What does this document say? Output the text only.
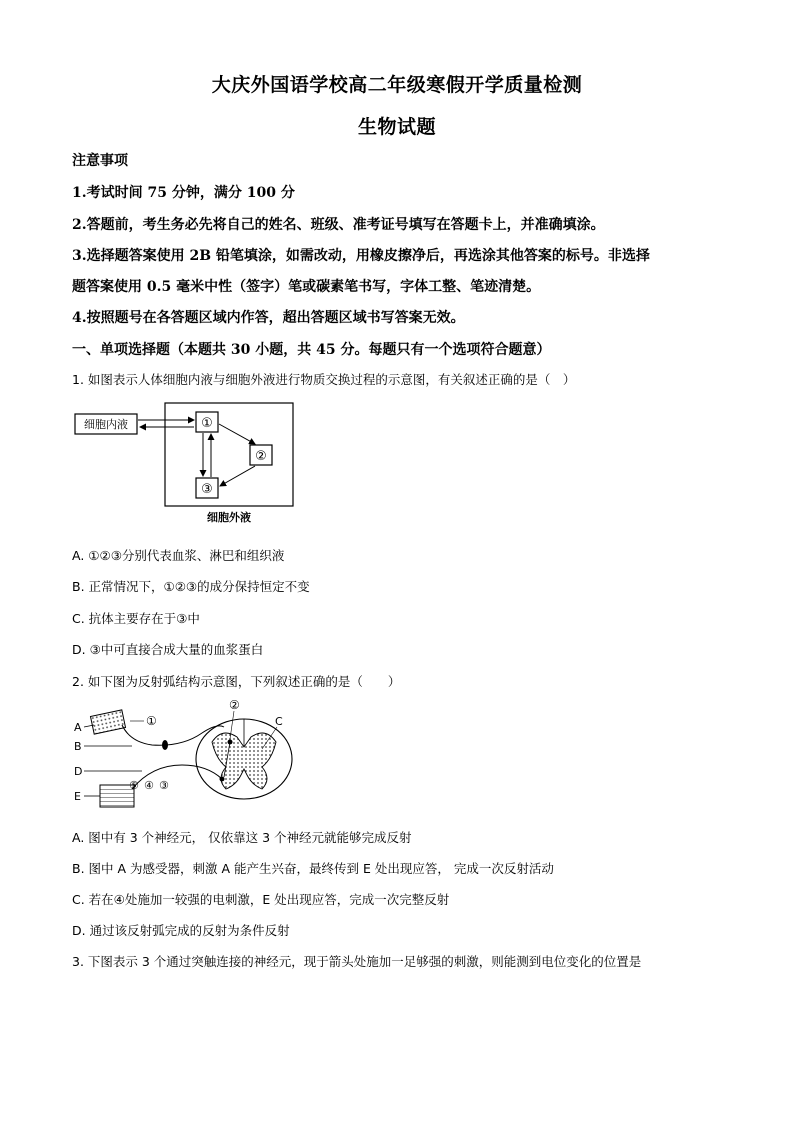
大庆外国语学校高二年级寒假开学质量检测
生物试题
注意事项
1.考试时间 75 分钟，满分 100 分
2.答题前，考生务必先将自己的姓名、班级、准考证号填写在答题卡上，并准确填涂。
3.选择题答案使用 2B 铅笔填涂，如需改动，用橡皮擦净后，再选涂其他答案的标号。非选择
题答案使用 0.5 毫米中性（签字）笔或碳素笔书写，字体工整、笔迹清楚。
4.按照题号在各答题区域内作答，超出答题区域书写答案无效。
一、单项选择题（本题共 30 小题，共 45 分。每题只有一个选项符合题意）
1. 如图表示人体细胞内液与细胞外液进行物质交换过程的示意图，有关叙述正确的是（　）
细胞内液	①
②
③
细胞外液
A. ①②③分别代表血浆、淋巴和组织液
B. 正常情况下，①②③的成分保持恒定不变
C. 抗体主要存在于③中
D. ③中可直接合成大量的血浆蛋白
2. 如下图为反射弧结构示意图，下列叙述正确的是（　　）
A
B
D
E
①
⑤ ④ ③
②
C
A. 图中有 3 个神经元， 仅依靠这 3 个神经元就能够完成反射
B. 图中 A 为感受器，刺激 A 能产生兴奋，最终传到 E 处出现应答， 完成一次反射活动
C. 若在④处施加一较强的电刺激，E 处出现应答，完成一次完整反射
D. 通过该反射弧完成的反射为条件反射
3. 下图表示 3 个通过突触连接的神经元，现于箭头处施加一足够强的刺激，则能测到电位变化的位置是
